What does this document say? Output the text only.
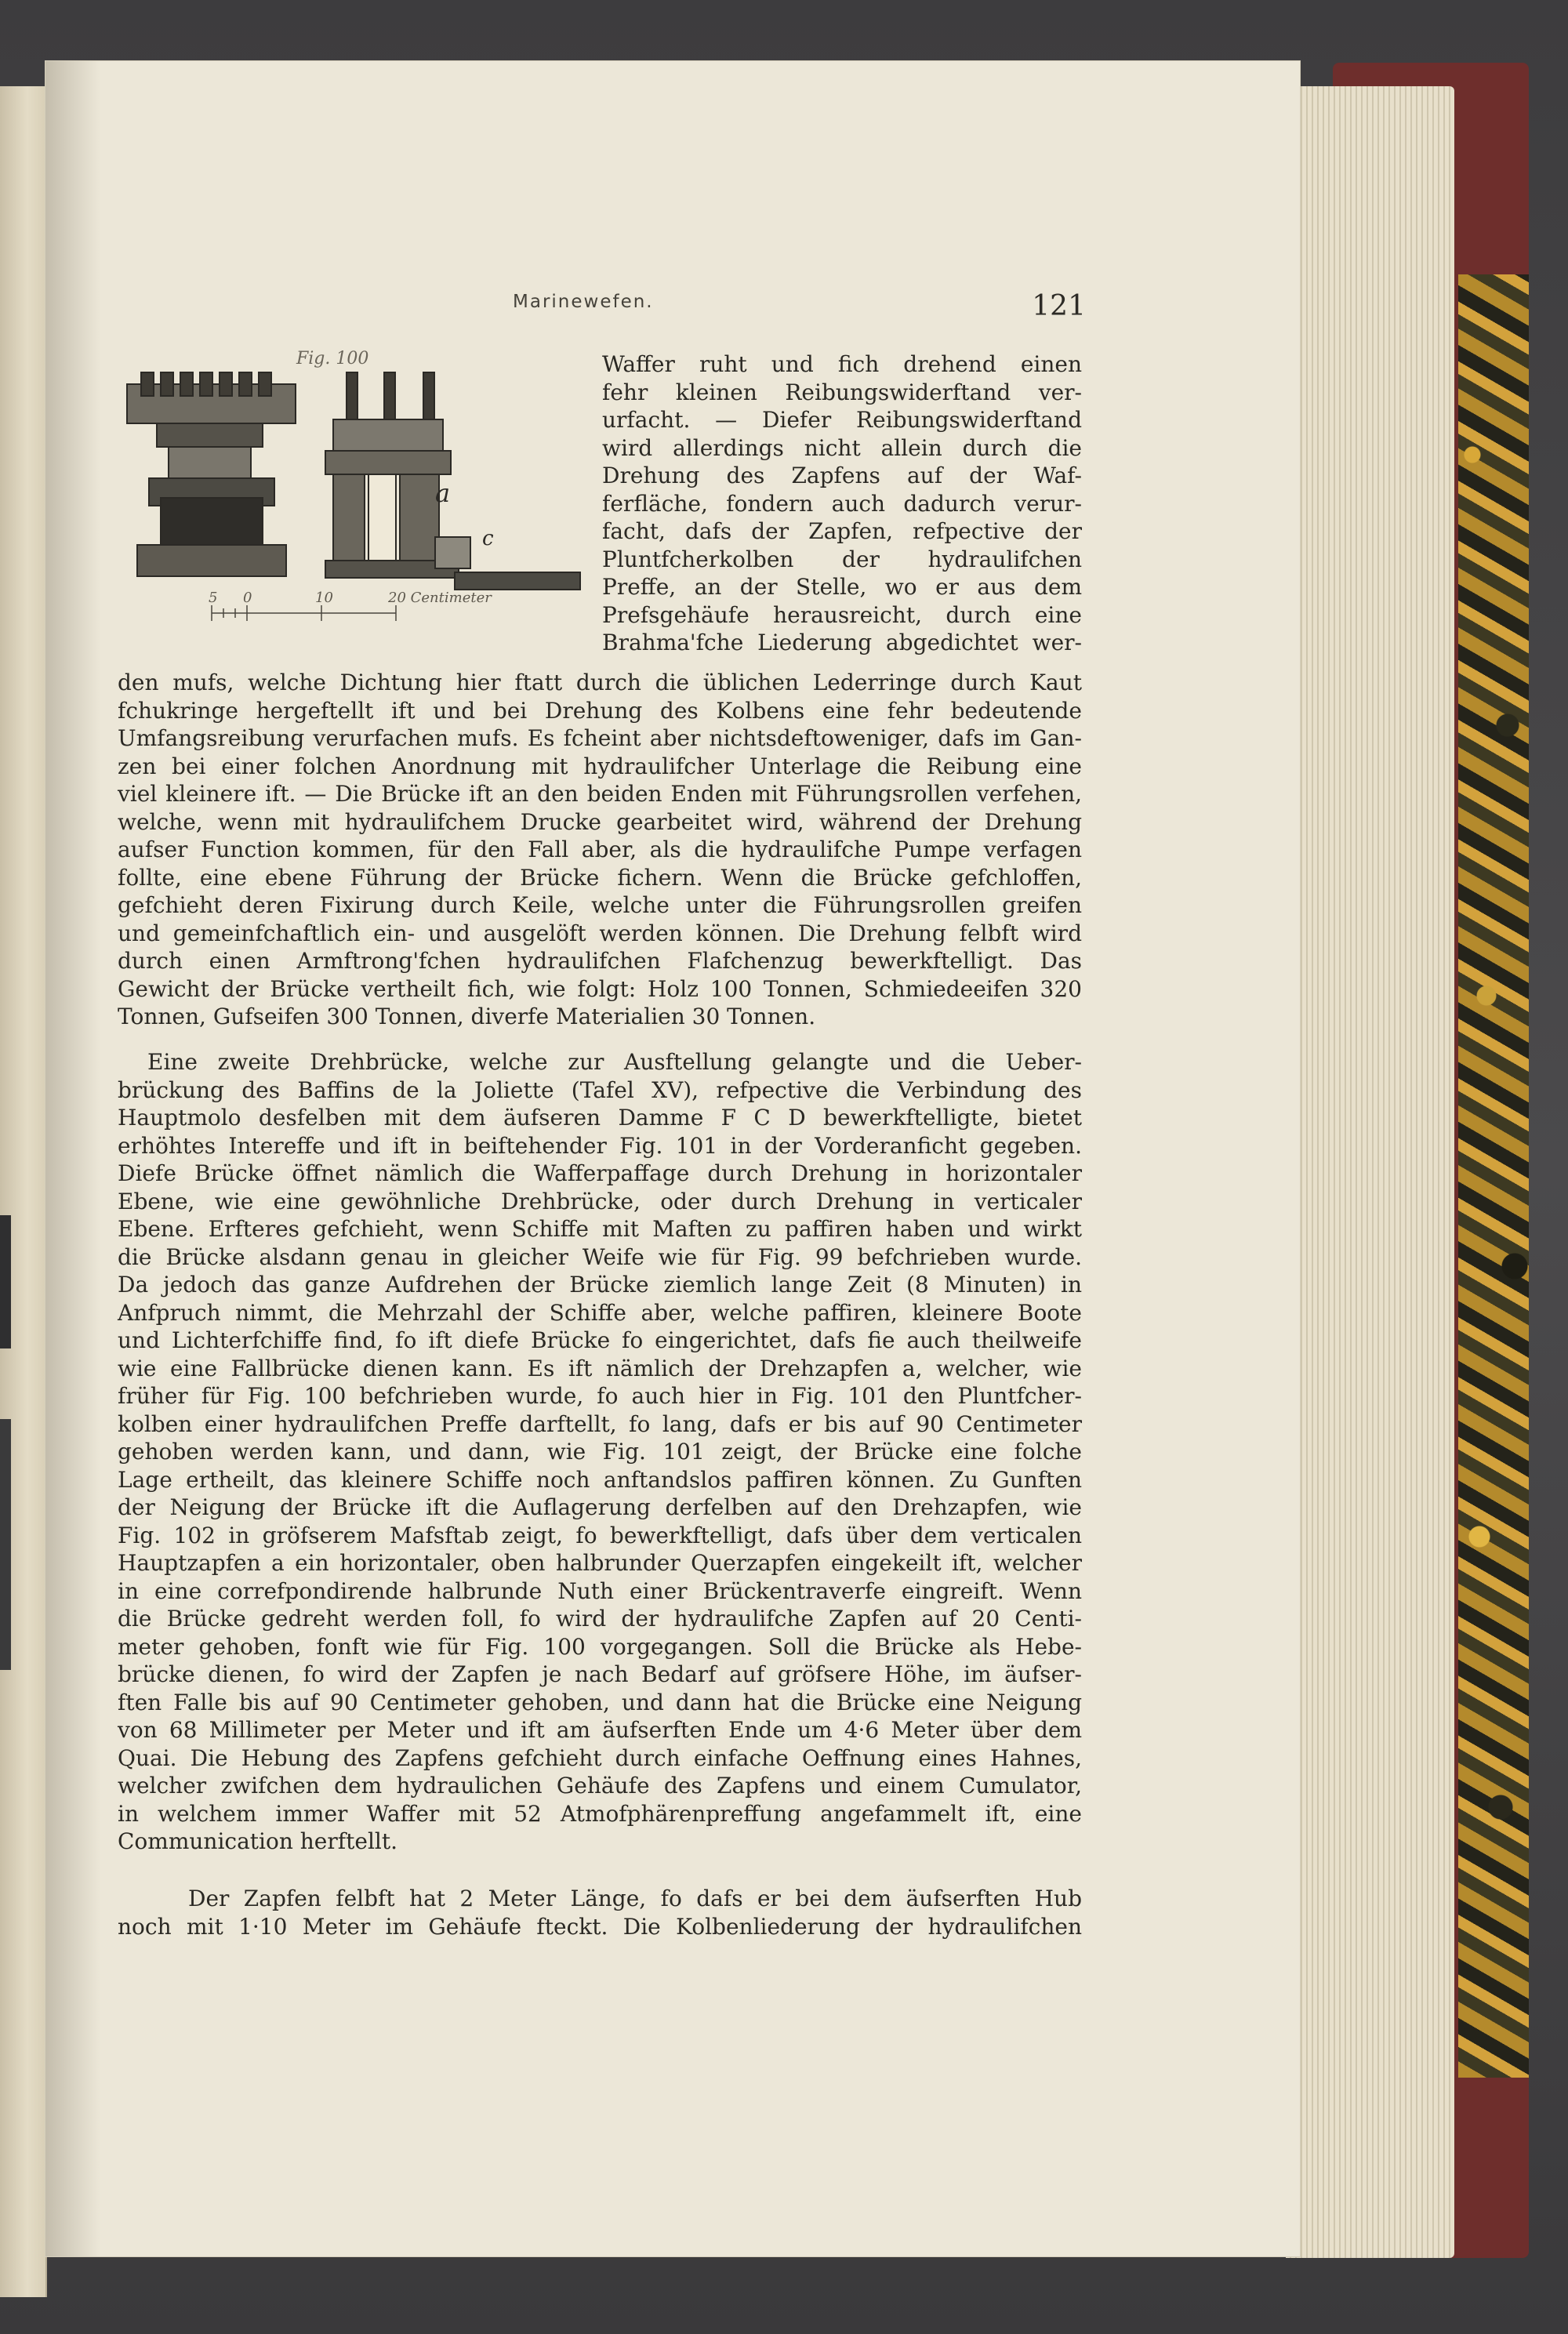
Marinewefen.	121
Fig. 100
a
c
5 0	10	20 Centimeter
Waffer ruht und fich drehend einen
fehr kleinen Reibungswiderftand ver-
urfacht. — Diefer Reibungswiderftand
wird allerdings nicht allein durch die
Drehung des Zapfens auf der Waf-
ferfläche, fondern auch dadurch verur-
facht, dafs der Zapfen, refpective der
Pluntfcherkolben der hydraulifchen
Preffe, an der Stelle, wo er aus dem
Prefsgehäufe herausreicht, durch eine
Brahma'fche Liederung abgedichtet wer-
den mufs, welche Dichtung hier ftatt durch die üblichen Lederringe durch Kaut
fchukringe hergeftellt ift und bei Drehung des Kolbens eine fehr bedeutende
Umfangsreibung verurfachen mufs. Es fcheint aber nichtsdeftoweniger, dafs im Gan-
zen bei einer folchen Anordnung mit hydraulifcher Unterlage die Reibung eine
viel kleinere ift. — Die Brücke ift an den beiden Enden mit Führungsrollen verfehen,
welche, wenn mit hydraulifchem Drucke gearbeitet wird, während der Drehung
aufser Function kommen, für den Fall aber, als die hydraulifche Pumpe verfagen
follte, eine ebene Führung der Brücke fichern. Wenn die Brücke gefchloffen,
gefchieht deren Fixirung durch Keile, welche unter die Führungsrollen greifen
und gemeinfchaftlich ein- und ausgelöft werden können. Die Drehung felbft wird
durch einen Armftrong'fchen hydraulifchen Flafchenzug bewerkftelligt. Das
Gewicht der Brücke vertheilt fich, wie folgt: Holz 100 Tonnen, Schmiedeeifen 320
Tonnen, Gufseifen 300 Tonnen, diverfe Materialien 30 Tonnen.
Eine zweite Drehbrücke, welche zur Ausftellung gelangte und die Ueber-
brückung des Baffins de la Joliette (Tafel XV), refpective die Verbindung des
Hauptmolo desfelben mit dem äufseren Damme F C D bewerkftelligte, bietet
erhöhtes Intereffe und ift in beiftehender Fig. 101 in der Vorderanficht gegeben.
Diefe Brücke öffnet nämlich die Wafferpaffage durch Drehung in horizontaler
Ebene, wie eine gewöhnliche Drehbrücke, oder durch Drehung in verticaler
Ebene. Erfteres gefchieht, wenn Schiffe mit Maften zu paffiren haben und wirkt
die Brücke alsdann genau in gleicher Weife wie für Fig. 99 befchrieben wurde.
Da jedoch das ganze Aufdrehen der Brücke ziemlich lange Zeit (8 Minuten) in
Anfpruch nimmt, die Mehrzahl der Schiffe aber, welche paffiren, kleinere Boote
und Lichterfchiffe find, fo ift diefe Brücke fo eingerichtet, dafs fie auch theilweife
wie eine Fallbrücke dienen kann. Es ift nämlich der Drehzapfen a, welcher, wie
früher für Fig. 100 befchrieben wurde, fo auch hier in Fig. 101 den Pluntfcher-
kolben einer hydraulifchen Preffe darftellt, fo lang, dafs er bis auf 90 Centimeter
gehoben werden kann, und dann, wie Fig. 101 zeigt, der Brücke eine folche
Lage ertheilt, das kleinere Schiffe noch anftandslos paffiren können. Zu Gunften
der Neigung der Brücke ift die Auflagerung derfelben auf den Drehzapfen, wie
Fig. 102 in gröfserem Mafsftab zeigt, fo bewerkftelligt, dafs über dem verticalen
Hauptzapfen a ein horizontaler, oben halbrunder Querzapfen eingekeilt ift, welcher
in eine correfpondirende halbrunde Nuth einer Brückentraverfe eingreift. Wenn
die Brücke gedreht werden foll, fo wird der hydraulifche Zapfen auf 20 Centi-
meter gehoben, fonft wie für Fig. 100 vorgegangen. Soll die Brücke als Hebe-
brücke dienen, fo wird der Zapfen je nach Bedarf auf gröfsere Höhe, im äufser-
ften Falle bis auf 90 Centimeter gehoben, und dann hat die Brücke eine Neigung
von 68 Millimeter per Meter und ift am äufserften Ende um 4·6 Meter über dem
Quai. Die Hebung des Zapfens gefchieht durch einfache Oeffnung eines Hahnes,
welcher zwifchen dem hydraulichen Gehäufe des Zapfens und einem Cumulator,
in welchem immer Waffer mit 52 Atmofphärenpreffung angefammelt ift, eine
Communication herftellt.
Der Zapfen felbft hat 2 Meter Länge, fo dafs er bei dem äufserften Hub
noch mit 1·10 Meter im Gehäufe fteckt. Die Kolbenliederung der hydraulifchen
